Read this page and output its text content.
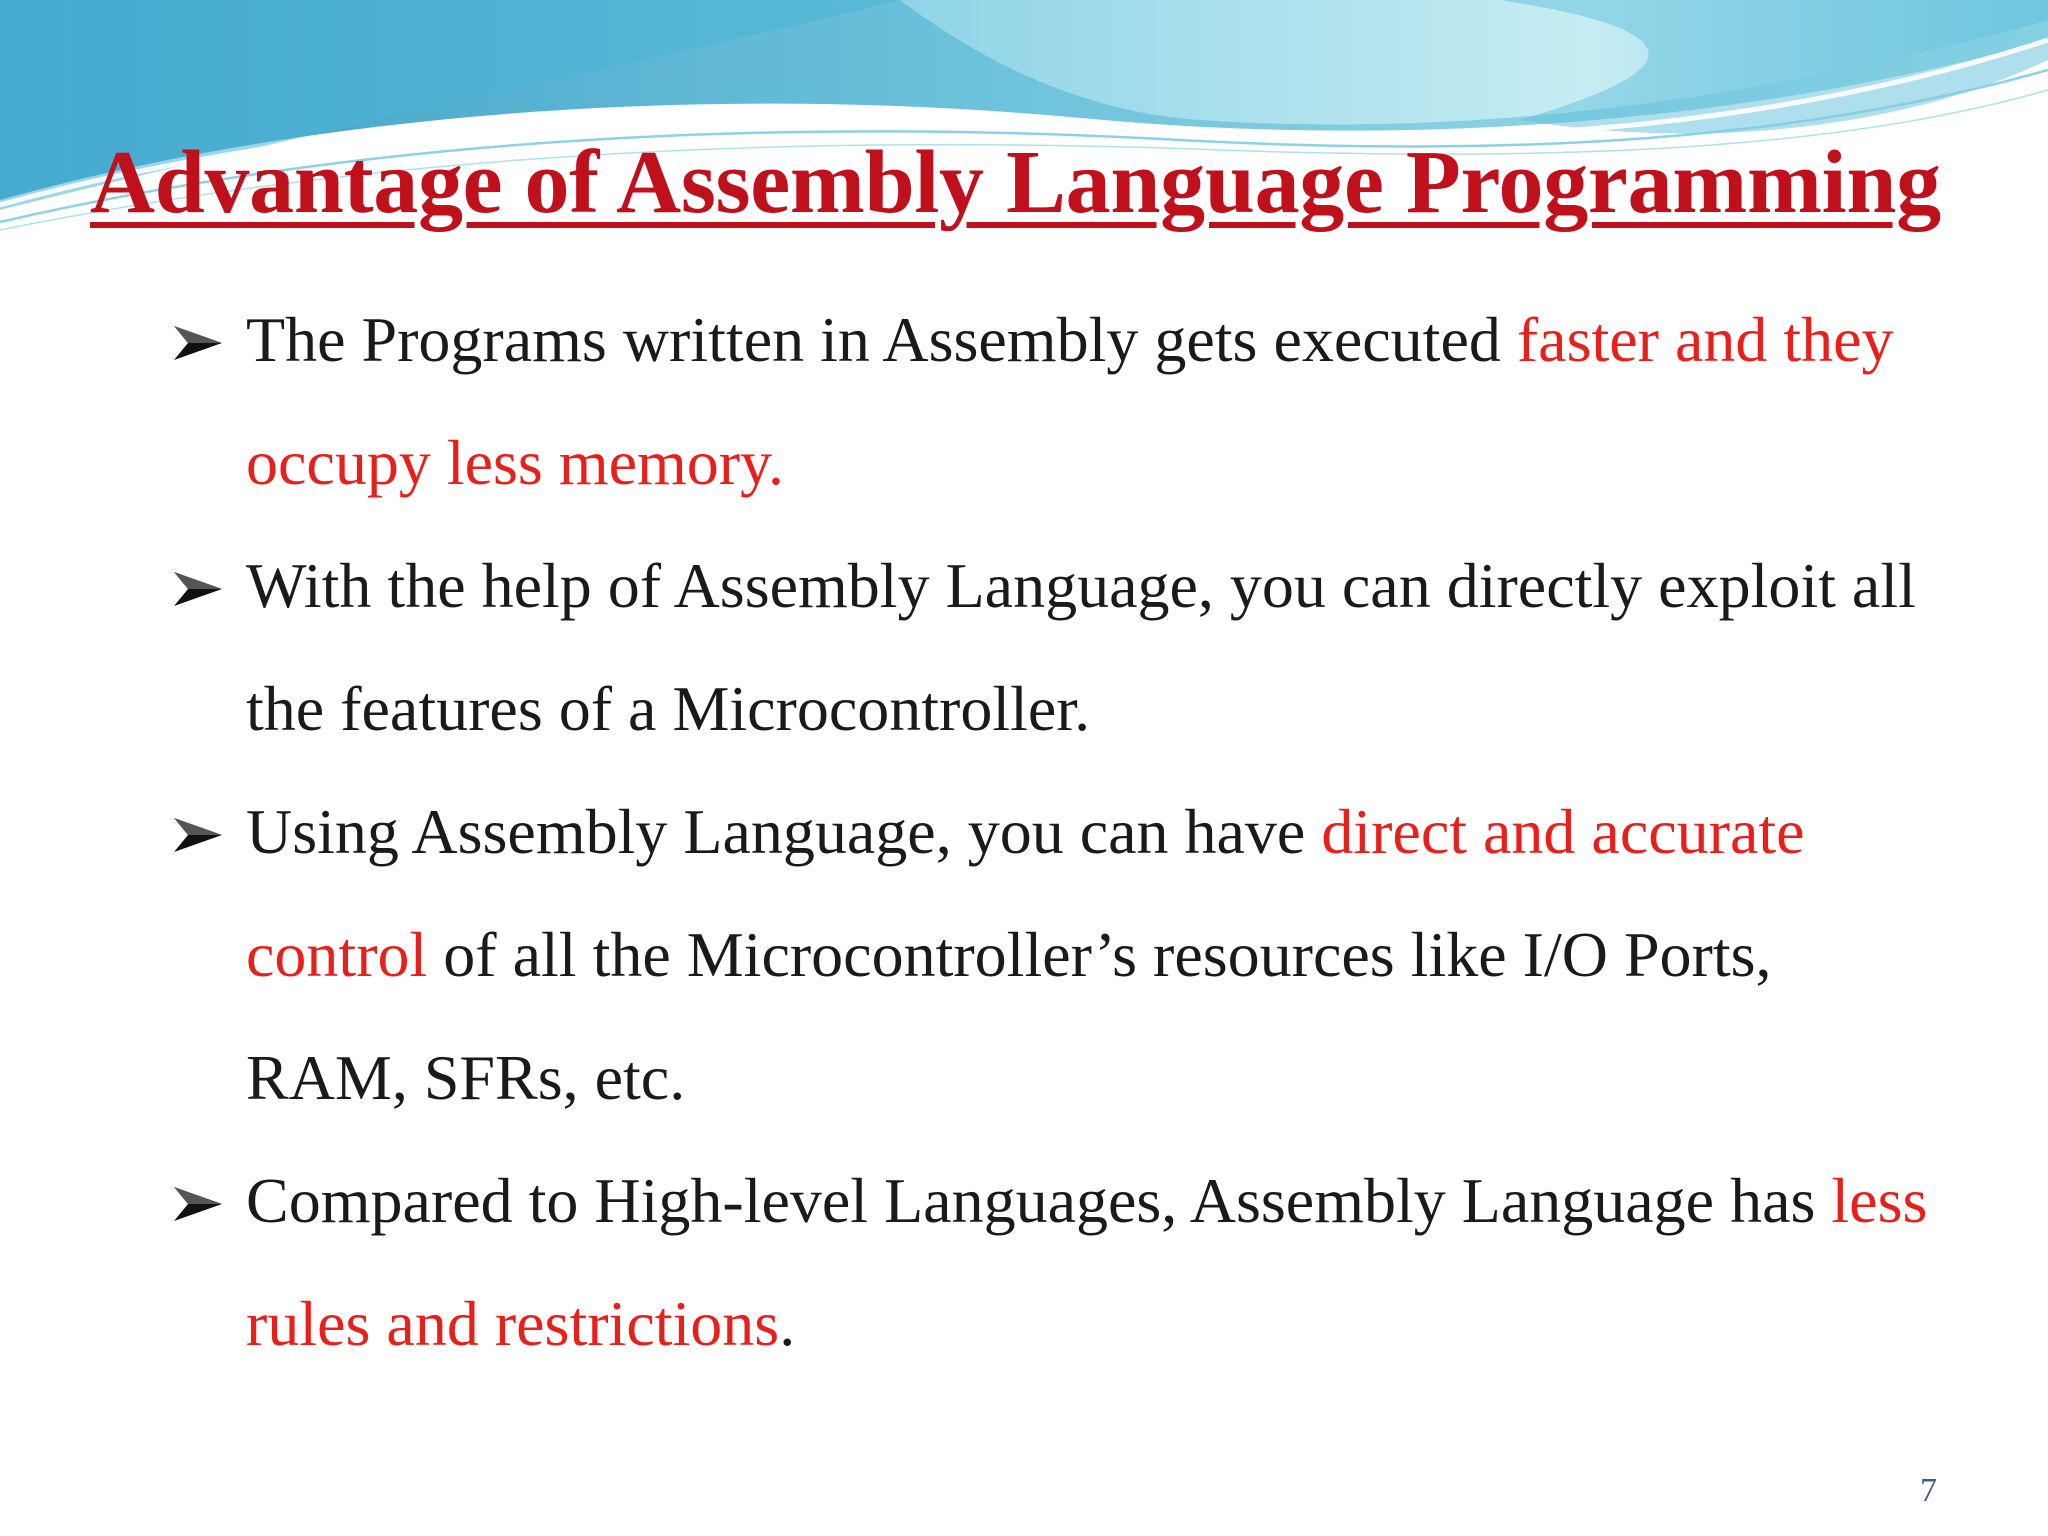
Advantage of Assembly Language Programming
The Programs written in Assembly gets executed faster and they occupy less memory.
With the help of Assembly Language, you can directly exploit all the features of a Microcontroller.
Using Assembly Language, you can have direct and accurate control of all the Microcontroller’s resources like I/O Ports, RAM, SFRs, etc.
Compared to High-level Languages, Assembly Language has less rules and restrictions.
7
